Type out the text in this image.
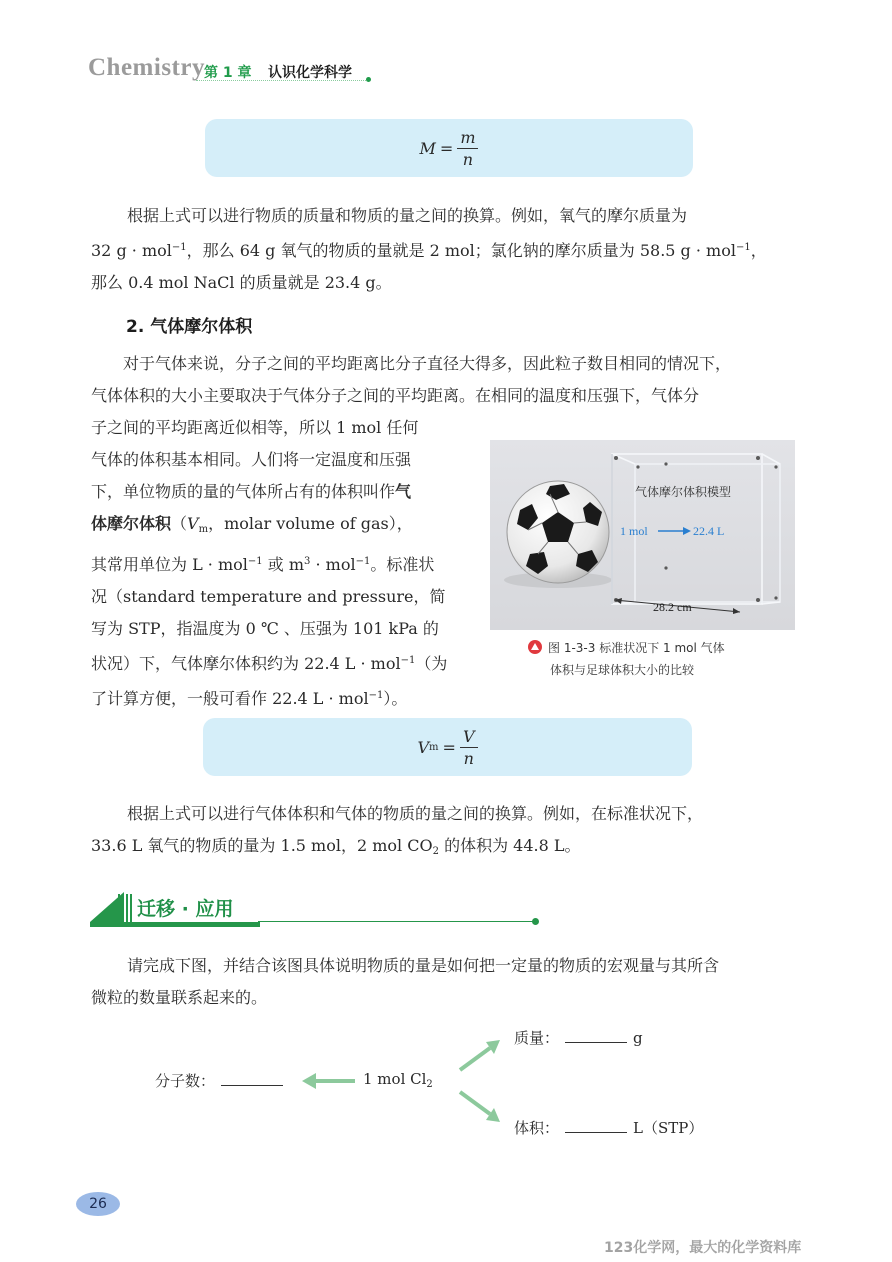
Chemistry 第 1 章 认识化学科学
$M = \frac{m}{n}$
根据上式可以进行物质的质量和物质的量之间的换算。例如，氧气的摩尔质量为
32 g · mol$^{-1}$，那么 64 g 氧气的物质的量就是 2 mol；氯化钠的摩尔质量为 58.5 g · mol$^{-1}$，
那么 0.4 mol NaCl 的质量就是 23.4 g。
2. 气体摩尔体积
对于气体来说，分子之间的平均距离比分子直径大得多，因此粒子数目相同的情况下，
气体体积的大小主要取决于气体分子之间的平均距离。在相同的温度和压强下，气体分
子之间的平均距离近似相等，所以 1 mol 任何
气体的体积基本相同。人们将一定温度和压强
下，单位物质的量的气体所占有的体积叫作气
体摩尔体积（$V_m$，molar volume of gas），
其常用单位为 L · mol$^{-1}$ 或 $m^3 \cdot mol^{-1}$。标准状
况（standard temperature and pressure，简
写为 STP，指温度为 0 ℃ 、压强为 101 kPa 的
状况）下，气体摩尔体积约为 22.4 L · mol$^{-1}$（为
了计算方便，一般可看作 22.4 L · mol$^{-1}$）。
气体摩尔体积模型
1 mol	22.4 L
28.2 cm
图 1-3-3 标准状况下 1 mol 气体
体积与足球体积大小的比较
V $m = \frac{V}{n}$
根据上式可以进行气体体积和气体的物质的量之间的换算。例如，在标准状况下，
33.6 L 氧气的物质的量为 1.5 mol，2 mol $CO_2$ 的体积为 44.8 L。
迁移 · 应用
请完成下图，并结合该图具体说明物质的量是如何把一定量的物质的宏观量与其所含
微粒的数量联系起来的。
分子数：	1 mol $Cl_2$
质量：	g
体积：	L（STP）
26
123化学网，最大的化学资料库
